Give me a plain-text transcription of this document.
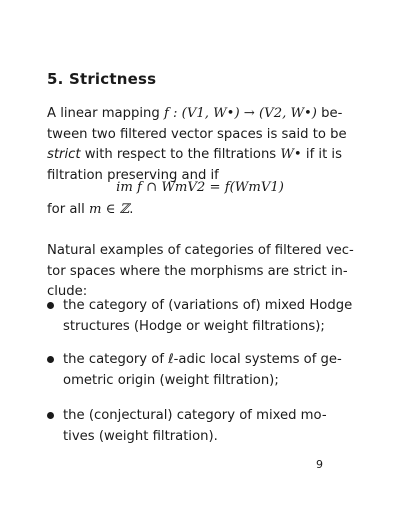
5. Strictness
A linear mapping f : (V1, W•) → (V2, W•) be-
tween two filtered vector spaces is said to be
strict with respect to the filtrations W• if it is
filtration preserving and if
im f ∩ WmV2 = f(WmV1)
for all m ∈ ℤ.
Natural examples of categories of filtered vec-
tor spaces where the morphisms are strict in-
clude:
the category of (variations of) mixed Hodge
structures (Hodge or weight filtrations);
the category of ℓ-adic local systems of ge-
ometric origin (weight filtration);
the (conjectural) category of mixed mo-
tives (weight filtration).
9
